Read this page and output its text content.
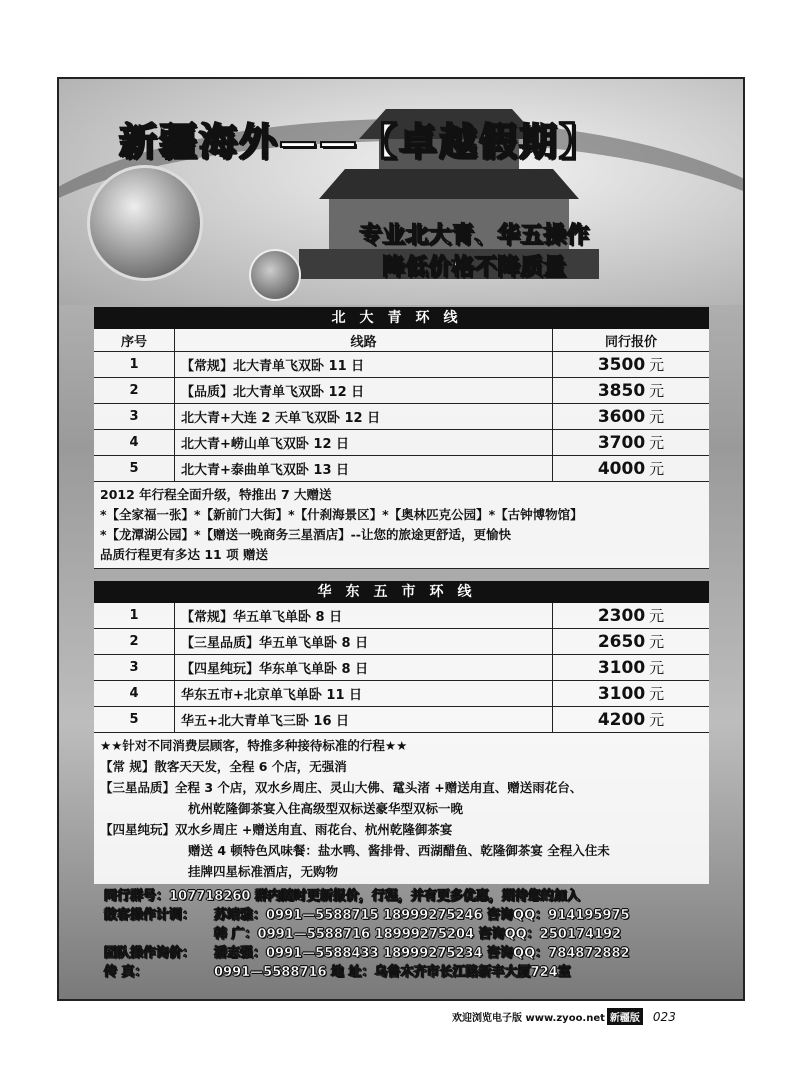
新疆海外——【卓越假期】
专业北大青、华五操作
降低价格不降质量
北大青环线
序号	线路	同行报价
1	【常规】北大青单飞双卧 11 日	3500 元
2	【品质】北大青单飞双卧 12 日	3850 元
3	北大青+大连 2 天单飞双卧 12 日	3600 元
4	北大青+崂山单飞双卧 12 日	3700 元
5	北大青+泰曲单飞双卧 13 日	4000 元
2012 年行程全面升级，特推出 7 大赠送
*【全家福一张】*【新前门大街】*【什刹海景区】*【奥林匹克公园】*【古钟博物馆】
*【龙潭湖公园】*【赠送一晚商务三星酒店】--让您的旅途更舒适，更愉快
品质行程更有多达 11 项 赠送
华东五市环线
1	【常规】华五单飞单卧 8 日	2300 元
2	【三星品质】华五单飞单卧 8 日	2650 元
3	【四星纯玩】华东单飞单卧 8 日	3100 元
4	华东五市+北京单飞单卧 11 日	3100 元
5	华五+北大青单飞三卧 16 日	4200 元
★★针对不同消费层顾客，特推多种接待标准的行程★★
【常 规】散客天天发，全程 6 个店，无强消
【三星品质】全程 3 个店，双水乡周庄、灵山大佛、鼋头渚 +赠送甪直、赠送雨花台、
杭州乾隆御茶宴入住高级型双标送豪华型双标一晚
【四星纯玩】双水乡周庄 +赠送甪直、雨花台、杭州乾隆御茶宴
赠送 4 顿特色风味餐：盐水鸭、酱排骨、西湖醋鱼、乾隆御茶宴 全程入住未
挂牌四星标准酒店，无购物
同行群号：107718260 群内随时更新报价，行程，并有更多优惠，期待您的加入
散客操作计调：	苏靖雅：0991—5588715 18999275246 咨询QQ：914195975
韩 广：0991—5588716 18999275204 咨询QQ：250174192
团队操作询价：	潘志强：0991—5588433 18999275234 咨询QQ：784872882
传 真：	0991—5588716 地 址：乌鲁木齐市长江路新丰大厦724室
欢迎浏览电子版 www.zyoo.net 新疆版 023
